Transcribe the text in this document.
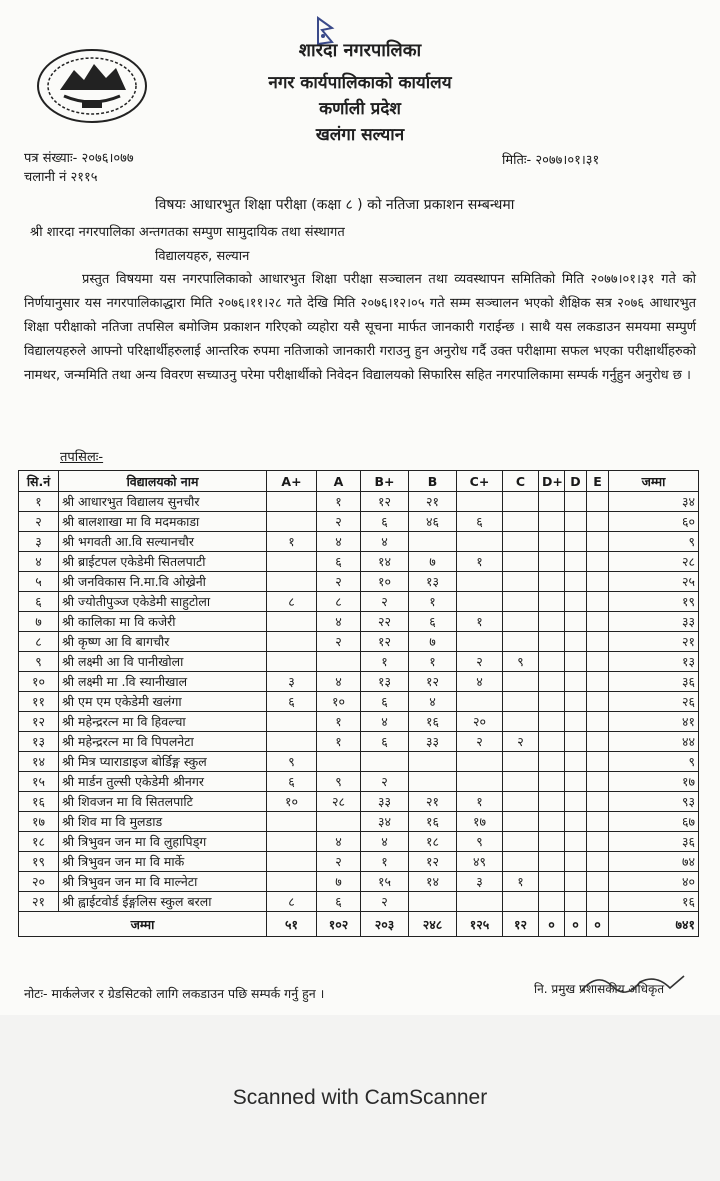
शारदा नगरपालिका
नगर कार्यपालिकाको कार्यालय
कर्णाली प्रदेश
खलंगा सल्यान
पत्र संख्याः- २०७६।०७७
चलानी नं २११५
मितिः- २०७७।०१।३१
विषयः आधारभुत शिक्षा परीक्षा (कक्षा ८ ) को नतिजा प्रकाशन सम्बन्धमा
श्री शारदा नगरपालिका अन्तगतका सम्पुण सामुदायिक तथा संस्थागत
विद्यालयहरु, सल्यान
प्रस्तुत विषयमा यस नगरपालिकाको आधारभुत शिक्षा परीक्षा सञ्चालन तथा व्यवस्थापन समितिको मिति २०७७।०१।३१ गते को निर्णयानुसार यस नगरपालिकाद्धारा मिति २०७६।११।२८ गते देखि मिति २०७६।१२।०५ गते सम्म सञ्चालन भएको शैक्षिक सत्र २०७६ आधारभुत शिक्षा परीक्षाको नतिजा तपसिल बमोजिम प्रकाशन गरिएको व्यहोरा यसै सूचना मार्फत जानकारी गराईन्छ । साथै यस लकडाउन समयमा सम्पुर्ण विद्यालयहरुले आफ्नो परिक्षार्थीहरुलाई आन्तरिक रुपमा नतिजाको जानकारी गराउनु हुन अनुरोध गर्दै उक्त परीक्षामा सफल भएका परीक्षार्थीहरुको नामथर, जन्ममिति तथा अन्य विवरण सच्याउनु परेमा परीक्षार्थीको निवेदन विद्यालयको सिफारिस सहित नगरपालिकामा सम्पर्क गर्नुहुन अनुरोध छ ।
तपसिलः-
सि.नं	विद्यालयको नाम	A+	A	B+	B	C+	C	D+	D	E	जम्मा
१	श्री आधारभुत विद्यालय सुनचौर		१	१२	२१						३४
२	श्री बालशाखा मा वि मदमकाडा		२	६	४६	६					६०
३	श्री भगवती आ.वि सल्यानचौर	१	४	४							९
४	श्री ब्राईटपल एकेडेमी सितलपाटी		६	१४	७	१					२८
५	श्री जनविकास नि.मा.वि ओख्रेनी		२	१०	१३						२५
६	श्री ज्योतीपुञ्ज एकेडेमी साहुटोला	८	८	२	१						१९
७	श्री कालिका मा वि कजेरी		४	२२	६	१					३३
८	श्री कृष्ण आ वि बागचौर		२	१२	७						२१
९	श्री लक्ष्मी आ वि पानीखोला			१	१	२	९				१३
१०	श्री लक्ष्मी मा .वि स्यानीखाल	३	४	१३	१२	४					३६
११	श्री एम एम एकेडेमी खलंगा	६	१०	६	४						२६
१२	श्री महेन्द्ररत्न मा वि हिवल्चा		१	४	१६	२०					४१
१३	श्री महेन्द्ररत्न मा वि पिपलनेटा		१	६	३३	२	२				४४
१४	श्री मित्र प्याराडाइज बोर्डिङ्ग स्कुल	९									९
१५	श्री मार्डन तुल्सी एकेडेमी श्रीनगर	६	९	२							१७
१६	श्री शिवजन मा वि सितलपाटि	१०	२८	३३	२१	१					९३
१७	श्री शिव मा वि मुलडाड			३४	१६	१७					६७
१८	श्री त्रिभुवन जन मा वि लुहापिड्ग		४	४	१८	९					३६
१९	श्री त्रिभुवन जन मा वि मार्के		२	१	१२	४९					७४
२०	श्री त्रिभुवन जन मा वि माल्नेटा		७	१५	१४	३	१				४०
२१	श्री ह्वाईटवोर्ड ईङ्गलिस स्कुल बरला	८	६	२							१६
जम्मा		५१	१०२	२०३	२४८	१२५	१२	०	०	०	७४१
नोटः- मार्कलेजर र ग्रेडसिटको लागि लकडाउन पछि सम्पर्क गर्नु हुन ।	नि. प्रमुख प्रशासकीय अधिकृत
Scanned with CamScanner
